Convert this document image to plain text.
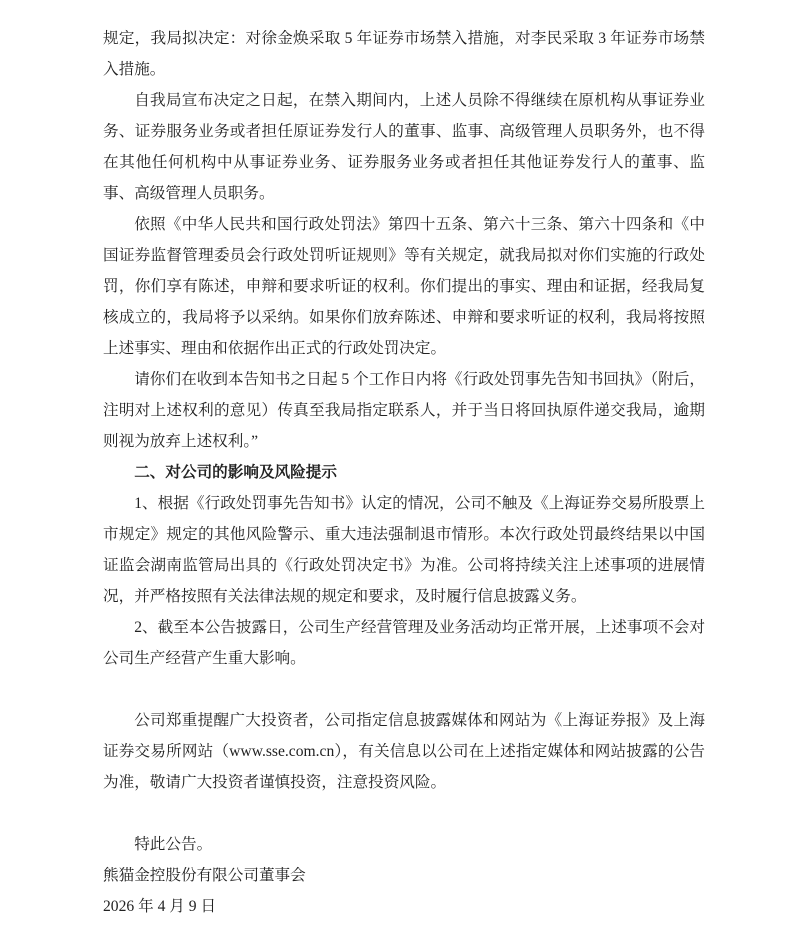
规定，我局拟决定：对徐金焕采取 5 年证券市场禁入措施，对李民采取 3 年证券市场禁入措施。

自我局宣布决定之日起，在禁入期间内，上述人员除不得继续在原机构从事证券业务、证券服务业务或者担任原证券发行人的董事、监事、高级管理人员职务外，也不得在其他任何机构中从事证券业务、证券服务业务或者担任其他证券发行人的董事、监事、高级管理人员职务。

依照《中华人民共和国行政处罚法》第四十五条、第六十三条、第六十四条和《中国证券监督管理委员会行政处罚听证规则》等有关规定，就我局拟对你们实施的行政处罚，你们享有陈述，申辩和要求听证的权利。你们提出的事实、理由和证据，经我局复核成立的，我局将予以采纳。如果你们放弃陈述、申辩和要求听证的权利，我局将按照上述事实、理由和依据作出正式的行政处罚决定。

请你们在收到本告知书之日起 5 个工作日内将《行政处罚事先告知书回执》（附后，注明对上述权利的意见）传真至我局指定联系人，并于当日将回执原件递交我局，逾期则视为放弃上述权利。”

二、对公司的影响及风险提示

1、根据《行政处罚事先告知书》认定的情况，公司不触及《上海证券交易所股票上市规定》规定的其他风险警示、重大违法强制退市情形。本次行政处罚最终结果以中国证监会湖南监管局出具的《行政处罚决定书》为准。公司将持续关注上述事项的进展情况，并严格按照有关法律法规的规定和要求，及时履行信息披露义务。

2、截至本公告披露日，公司生产经营管理及业务活动均正常开展，上述事项不会对公司生产经营产生重大影响。

公司郑重提醒广大投资者，公司指定信息披露媒体和网站为《上海证券报》及上海证券交易所网站（www.sse.com.cn），有关信息以公司在上述指定媒体和网站披露的公告为准，敬请广大投资者谨慎投资，注意投资风险。

特此公告。

熊猫金控股份有限公司董事会

2026 年 4 月 9 日
